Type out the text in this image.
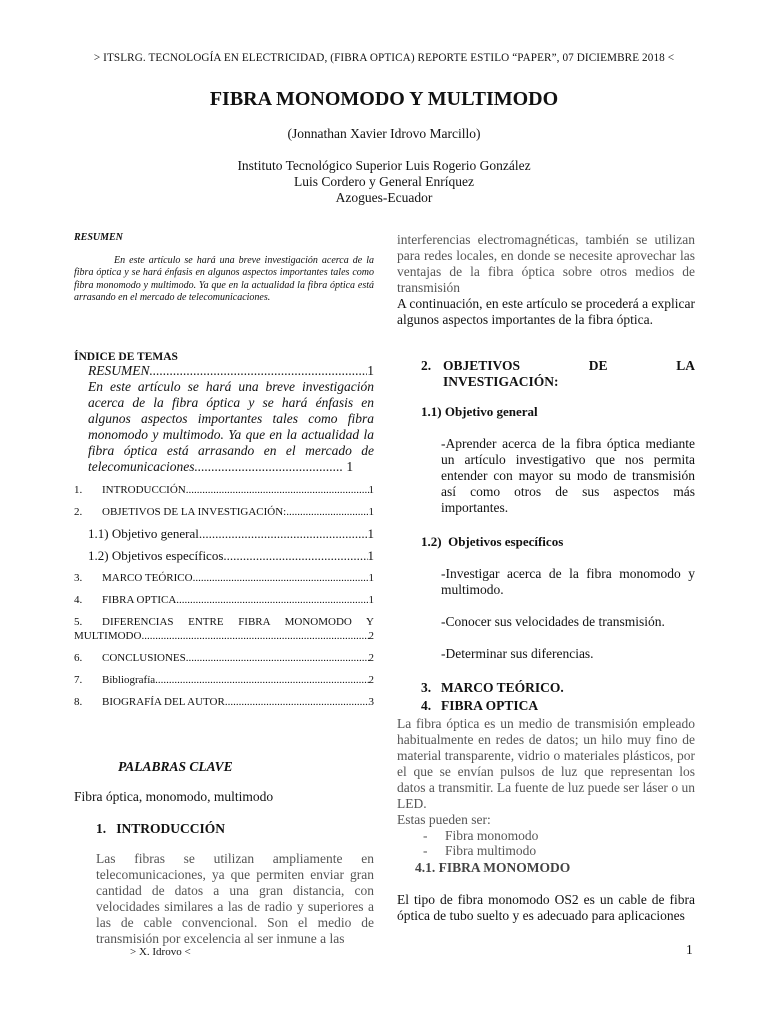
> ITSLRG. TECNOLOGÍA EN ELECTRICIDAD, (FIBRA OPTICA) REPORTE ESTILO “PAPER”, 07 DICIEMBRE 2018 <
FIBRA MONOMODO Y MULTIMODO
(Jonnathan Xavier Idrovo Marcillo)
Instituto Tecnológico Superior Luis Rogerio González
Luis Cordero y General Enríquez
Azogues-Ecuador
RESUMEN

En este artículo se hará una breve investigación acerca de la fibra óptica y se hará énfasis en algunos aspectos importantes tales como fibra monomodo y multimodo. Ya que en la actualidad la fibra óptica está arrasando en el mercado de telecomunicaciones.

ÍNDICE DE TEMAS
RESUMEN .....	1
En este artículo se hará una breve investigación acerca de la fibra óptica y se hará énfasis en algunos aspectos importantes tales como fibra monomodo y multimodo. Ya que en la actualidad la fibra óptica está arrasando en el mercado de telecomunicaciones............................................ 1
1. INTRODUCCIÓN .....	1
2. OBJETIVOS DE LA INVESTIGACIÓN: .....	1
1.1) Objetivo general .....	1
1.2) Objetivos específicos .....	1
3. MARCO TEÓRICO .....	1
4. FIBRA OPTICA .....	1
5.	DIFERENCIAS ENTRE FIBRA MONOMODO Y
MULTIMODO .....	2
6. CONCLUSIONES .....	2
7. Bibliografía .....	2
8. BIOGRAFÍA DEL AUTOR. .....	3
PALABRAS CLAVE
Fibra óptica, monomodo, multimodo
1.   INTRODUCCIÓN
Las fibras se utilizan ampliamente en telecomunicaciones, ya que permiten enviar gran cantidad de datos a una gran distancia, con velocidades similares a las de radio y superiores a las de cable convencional. Son el medio de transmisión por excelencia al ser inmune a las
interferencias electromagnéticas, también se utilizan para redes locales, en donde se necesite aprovechar las ventajas de la fibra óptica sobre otros medios de transmisión
A continuación, en este artículo se procederá a explicar algunos aspectos importantes de la fibra óptica.
2. OBJETIVOS	DE	LA
INVESTIGACIÓN:
1.1) Objetivo general
-Aprender acerca de la fibra óptica mediante un artículo investigativo que nos permita entender con mayor su modo de transmisión así como otros de sus aspectos más importantes.
1.2)  Objetivos específicos
-Investigar acerca de la fibra monomodo y multimodo.
-Conocer sus velocidades de transmisión.
-Determinar sus diferencias.
3. MARCO TEÓRICO.
4. FIBRA OPTICA
La fibra óptica es un medio de transmisión empleado habitualmente en redes de datos; un hilo muy fino de material transparente, vidrio o materiales plásticos, por el que se envían pulsos de luz que representan los datos a transmitir. La fuente de luz puede ser láser o un LED.
Estas pueden ser:
- Fibra monomodo
- Fibra multimodo
4.1. FIBRA MONOMODO
El tipo de fibra monomodo OS2 es un cable de fibra óptica de tubo suelto y es adecuado para aplicaciones
> X. Idrovo <	1
